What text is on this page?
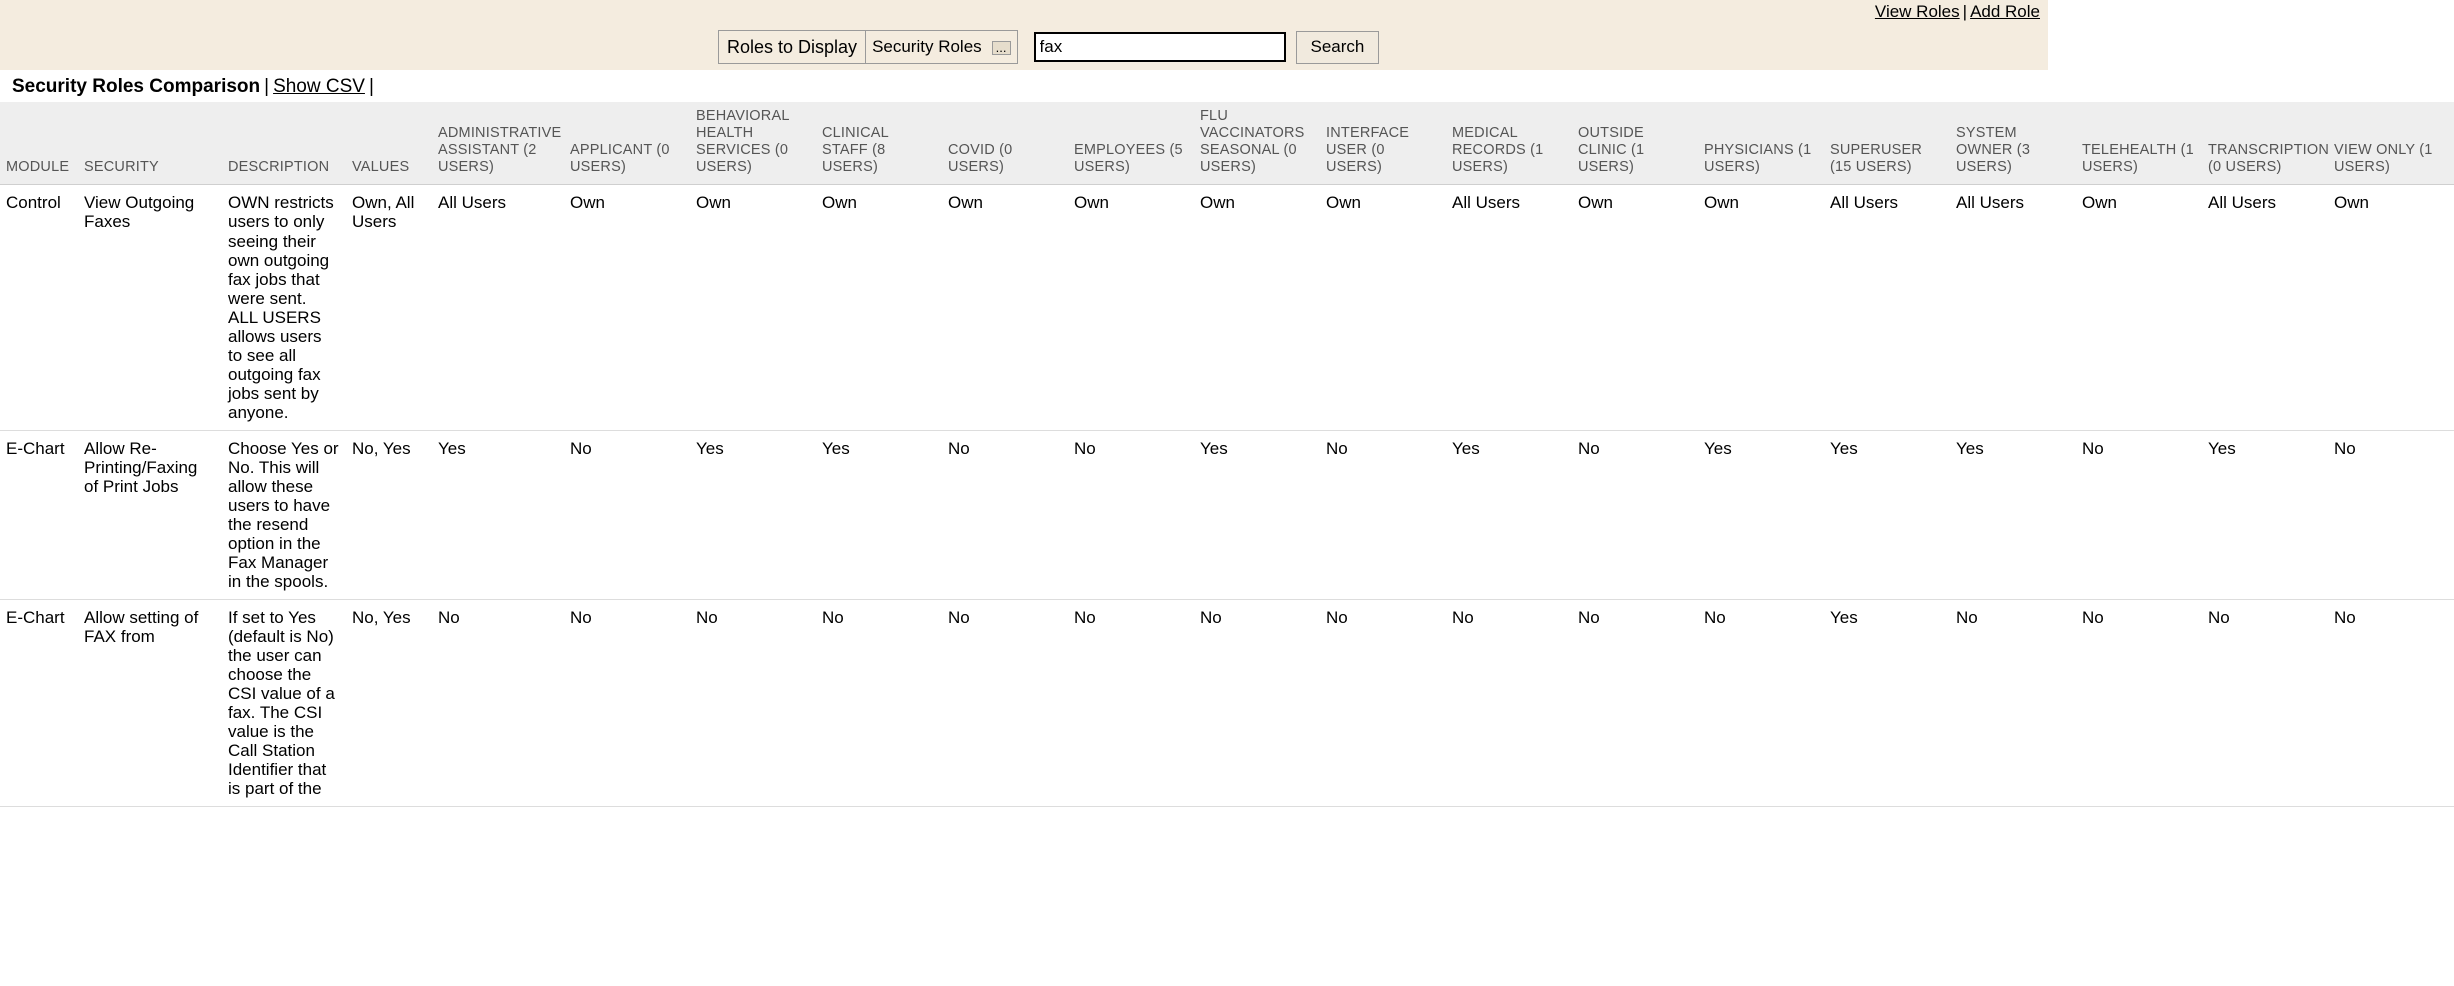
View Roles | Add Role
Roles to Display Security Roles	...
fax	Search
Security Roles Comparison | Show CSV |
MODULE	SECURITY	DESCRIPTION	VALUES	ADMINISTRATIVE ASSISTANT (2 USERS)	APPLICANT (0 USERS)	BEHAVIORAL HEALTH SERVICES (0 USERS)	CLINICAL STAFF (8 USERS)	COVID (0 USERS)	EMPLOYEES (5 USERS)	FLU VACCINATORS SEASONAL (0 USERS)	INTERFACE USER (0 USERS)	MEDICAL RECORDS (1 USERS)	OUTSIDE CLINIC (1 USERS)	PHYSICIANS (1 USERS)	SUPERUSER (15 USERS)	SYSTEM OWNER (3 USERS)	TELEHEALTH (1 USERS)	TRANSCRIPTION (0 USERS)	VIEW ONLY (1 USERS)
Control	View Outgoing Faxes	OWN restricts users to only seeing their own outgoing fax jobs that were sent. ALL USERS allows users to see all outgoing fax jobs sent by anyone.	Own, All Users	All Users	Own	Own	Own	Own	Own	Own	Own	All Users	Own	Own	All Users	All Users	Own	All Users	Own
E-Chart	Allow Re-Printing/Faxing of Print Jobs	Choose Yes or No. This will allow these users to have the resend option in the Fax Manager in the spools.	No, Yes	Yes	No	Yes	Yes	No	No	Yes	No	Yes	No	Yes	Yes	Yes	No	Yes	No
E-Chart	Allow setting of FAX from	If set to Yes (default is No) the user can choose the CSI value of a fax. The CSI value is the Call Station Identifier that is part of the	No, Yes	No	No	No	No	No	No	No	No	No	No	No	Yes	No	No	No	No
